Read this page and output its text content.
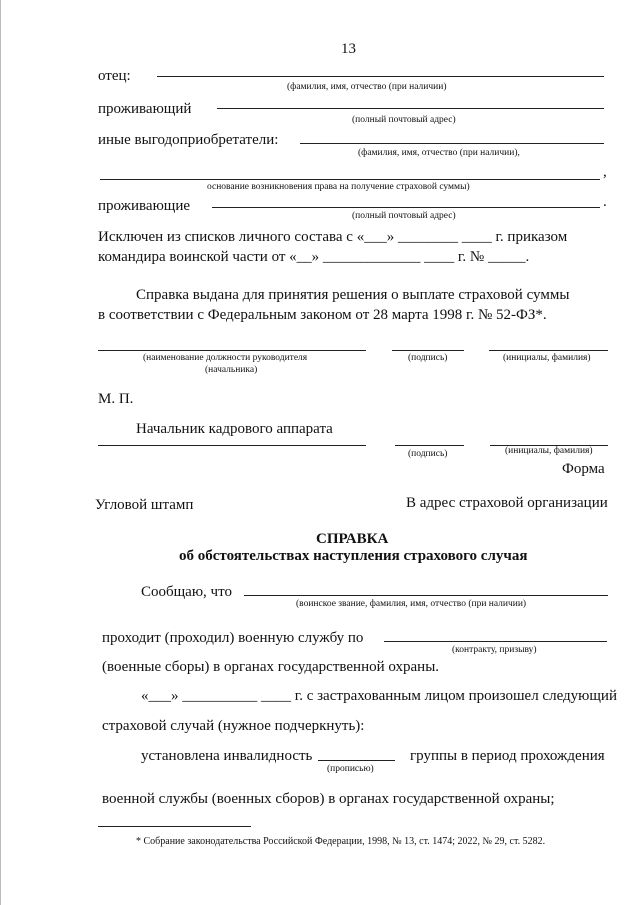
13
отец:
(фамилия, имя, отчество (при наличии)
проживающий
(полный почтовый адрес)
иные выгодоприобретатели:
(фамилия, имя, отчество (при наличии),
,
основание возникновения права на получение страховой суммы)
проживающие	.
(полный почтовый адрес)
Исключен из списков личного состава с «___» ________ ____ г. приказом
командира воинской части от «__» _____________ ____ г. № _____.
Справка выдана для принятия решения о выплате страховой суммы
в соответствии с Федеральным законом от 28 марта 1998 г. № 52-ФЗ*.
(наименование должности руководителя
(начальника)
(подпись)	(инициалы, фамилия)
М. П.
Начальник кадрового аппарата
(подпись)	(инициалы, фамилия)
Форма
Угловой штамп	В адрес страховой организации
СПРАВКА
об обстоятельствах наступления страхового случая
Сообщаю, что
(воинское звание, фамилия, имя, отчество (при наличии)
проходит (проходил) военную службу по
(контракту, призыву)
(военные сборы) в органах государственной охраны.
«___» __________ ____ г. с застрахованным лицом произошел следующий
страховой случай (нужное подчеркнуть):
установлена инвалидность
(прописью)
группы в период прохождения
военной службы (военных сборов) в органах государственной охраны;
* Собрание законодательства Российской Федерации, 1998, № 13, ст. 1474; 2022, № 29, ст. 5282.
